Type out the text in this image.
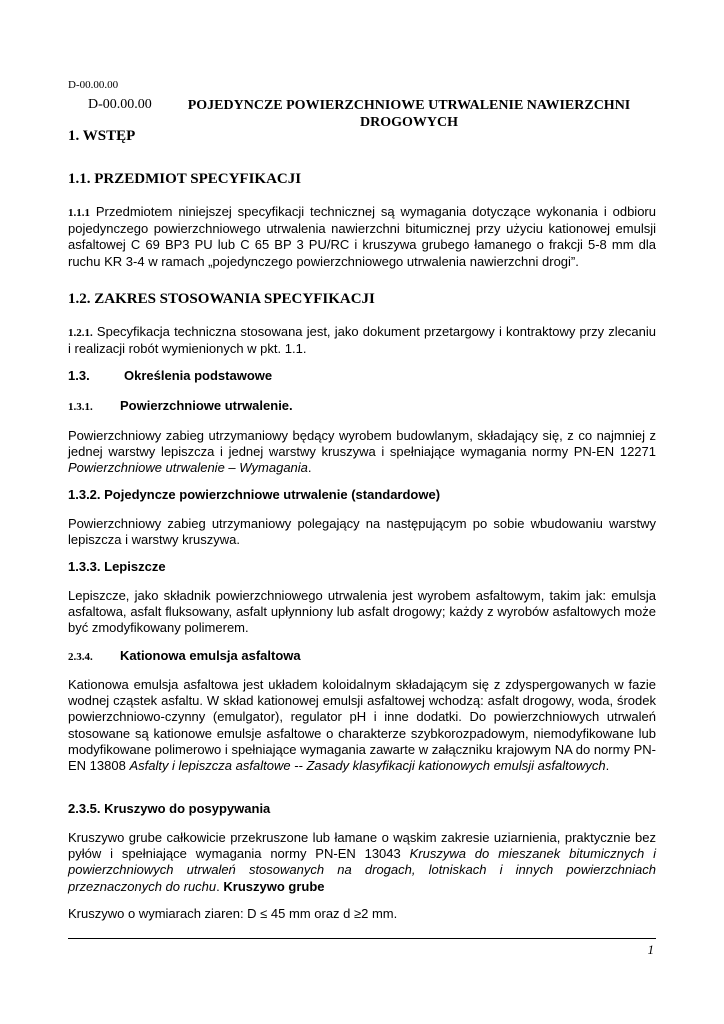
D-00.00.00
D-00.00.00	POJEDYNCZE POWIERZCHNIOWE UTRWALENIE NAWIERZCHNI DROGOWYCH
1. WSTĘP
1.1. PRZEDMIOT SPECYFIKACJI
1.1.1 Przedmiotem niniejszej specyfikacji technicznej są wymagania dotyczące wykonania i odbioru pojedynczego powierzchniowego utrwalenia nawierzchni bitumicznej przy użyciu kationowej emulsji asfaltowej C 69 BP3 PU lub C 65 BP 3 PU/RC i kruszywa grubego łamanego o frakcji 5-8 mm dla ruchu KR 3-4 w ramach „pojedynczego powierzchniowego utrwalenia nawierzchni drogi”.
1.2. ZAKRES STOSOWANIA SPECYFIKACJI
1.2.1. Specyfikacja techniczna stosowana jest, jako dokument przetargowy i kontraktowy przy zlecaniu i realizacji robót wymienionych w pkt. 1.1.
1.3.	Określenia podstawowe
1.3.1. Powierzchniowe utrwalenie.
Powierzchniowy zabieg utrzymaniowy będący wyrobem budowlanym, składający się, z co najmniej z jednej warstwy lepiszcza i jednej warstwy kruszywa i spełniające wymagania normy PN-EN 12271 Powierzchniowe utrwalenie – Wymagania.
1.3.2. Pojedyncze powierzchniowe utrwalenie (standardowe)
Powierzchniowy zabieg utrzymaniowy polegający na następującym po sobie wbudowaniu warstwy lepiszcza i warstwy kruszywa.
1.3.3. Lepiszcze
Lepiszcze, jako składnik powierzchniowego utrwalenia jest wyrobem asfaltowym, takim jak: emulsja asfaltowa, asfalt fluksowany, asfalt upłynniony lub asfalt drogowy; każdy z wyrobów asfaltowych może być zmodyfikowany polimerem.
2.3.4. Kationowa emulsja asfaltowa
Kationowa emulsja asfaltowa jest układem koloidalnym składającym się z zdyspergowanych w fazie wodnej cząstek asfaltu. W skład kationowej emulsji asfaltowej wchodzą: asfalt drogowy, woda, środek powierzchniowo-czynny (emulgator), regulator pH i inne dodatki. Do powierzchniowych utrwaleń stosowane są kationowe emulsje asfaltowe o charakterze szybkorozpadowym, niemodyfikowane lub modyfikowane polimerowo i spełniające wymagania zawarte w załączniku krajowym NA do normy PN-EN 13808 Asfalty i lepiszcza asfaltowe -- Zasady klasyfikacji kationowych emulsji asfaltowych.
2.3.5. Kruszywo do posypywania
Kruszywo grube całkowicie przekruszone lub łamane o wąskim zakresie uziarnienia, praktycznie bez pyłów i spełniające wymagania normy PN-EN 13043 Kruszywa do mieszanek bitumicznych i powierzchniowych utrwaleń stosowanych na drogach, lotniskach i innych powierzchniach przeznaczonych do ruchu. Kruszywo grube
Kruszywo o wymiarach ziaren: D ≤ 45 mm oraz d ≥2 mm.
1
